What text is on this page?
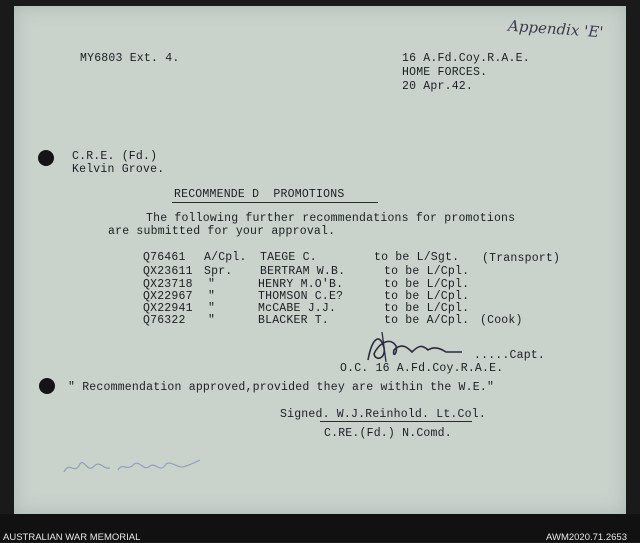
Appendix 'E'
MY6803 Ext. 4.	16 A.Fd.Coy.R.A.E.
HOME FORCES.
20 Apr.42.
C.R.E. (Fd.)
Kelvin Grove.
RECOMMENDE D  PROMOTIONS
The following further recommendations for promotions
are submitted for your approval.
Q76461 A/Cpl. TAEGE C.	to be L/Sgt. (Transport)
QX23611 Spr. BERTRAM W.B.	to be L/Cpl.
QX23718 "	HENRY M.O'B.	to be L/Cpl.
QX22967 "	THOMSON C.E?	to be L/Cpl.
QX22941 "	McCABE J.J.	to be L/Cpl.
Q76322 "	BLACKER T.	to be A/Cpl. (Cook)
.....Capt.
O.C. 16 A.Fd.Coy.R.A.E.
" Recommendation approved,provided they are within the W.E."
Signed. W.J.Reinhold. Lt.Col.
C.RE.(Fd.) N.Comd.
AUSTRALIAN WAR MEMORIAL	AWM2020.71.2653
